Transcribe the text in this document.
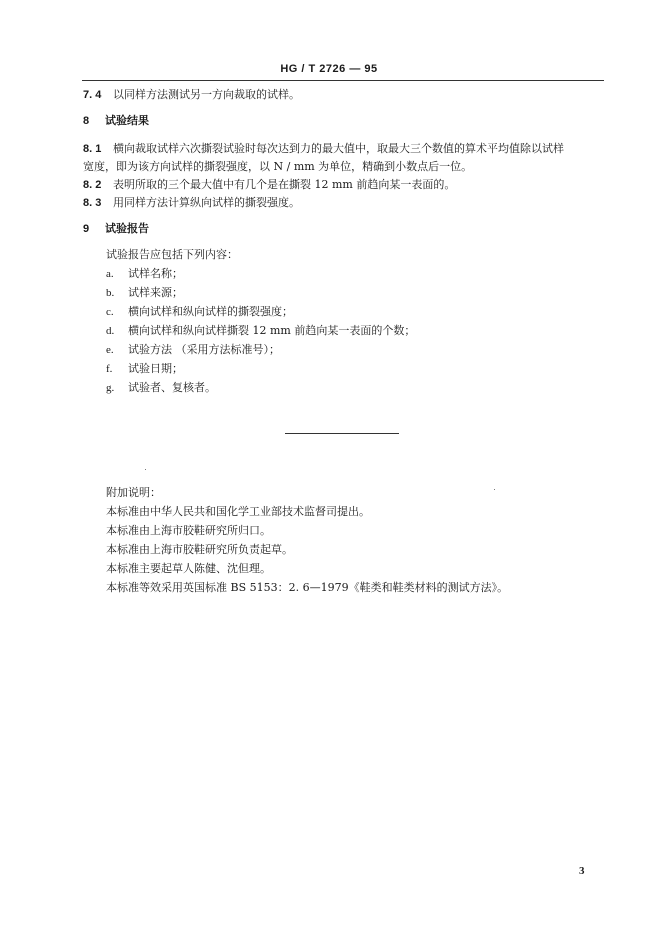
HG / T 2726 — 95
7. 4 以同样方法测试另一方向裁取的试样。
8 试验结果
8. 1 横向裁取试样六次撕裂试验时每次达到力的最大值中，取最大三个数值的算术平均值除以试样
宽度，即为该方向试样的撕裂强度，以 N / mm 为单位，精确到小数点后一位。
8. 2 表明所取的三个最大值中有几个是在撕裂 12 mm 前趋向某一表面的。
8. 3 用同样方法计算纵向试样的撕裂强度。
9 试验报告
试验报告应包括下列内容：
a. 试样名称；
b. 试样来源；
c. 横向试样和纵向试样的撕裂强度；
d. 横向试样和纵向试样撕裂 12 mm 前趋向某一表面的个数；
e. 试验方法 （采用方法标准号）；
f. 试验日期；
g. 试验者、复核者。
附加说明：
本标准由中华人民共和国化学工业部技术监督司提出。
本标准由上海市胶鞋研究所归口。
本标准由上海市胶鞋研究所负责起草。
本标准主要起草人陈健、沈但理。
本标准等效采用英国标准 BS 5153：2. 6—1979《鞋类和鞋类材料的测试方法》。
3
